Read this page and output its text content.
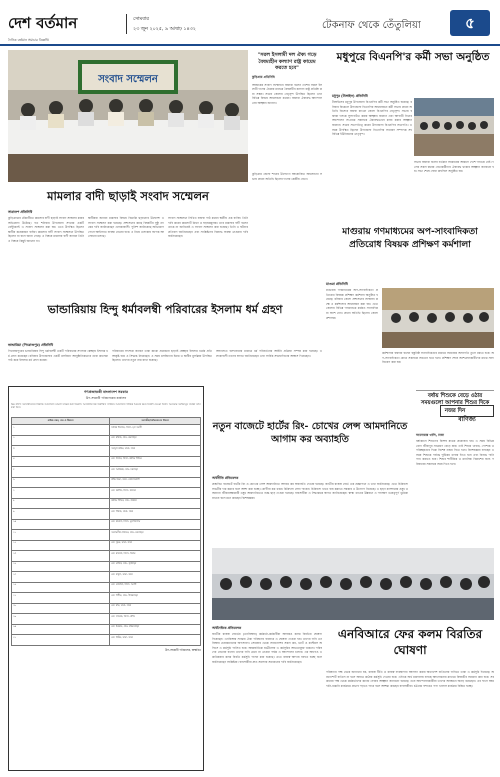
দেশ বর্তমান
দৈনিক বর্তমান সমাচার বিজ্ঞপ্তি
সোমবার
২৩ জুন ২০২৫, ৯ আষাঢ় ১৪৩২	টেকনাফ থেকে তেঁতুলিয়া	৫
সংবাদ সম্মেলন
"সরল ইসলামী দল ঐক্য গড়ে বৈষম্যহীন কল্যাণ রাষ্ট্র কায়েম করতে হবে"
কুড়িগ্রাম প্রতিনিধি
আজকের সংবাদ সম্মেলনে বক্তারা বলেন দেশের সকল ইসলামী দলের ঐক্যের মাধ্যমে বৈষম্যহীন কল্যাণ রাষ্ট্র প্রতিষ্ঠা করা সম্ভব। সভায় জেলার নেতৃবৃন্দ উপস্থিত ছিলেন এবং বিভিন্ন বিষয়ে আলোচনা করেন। বক্তারা ঐক্যবদ্ধ আন্দোলনের আহ্বান জানান।
মধুপুরে বিএনপি'র কর্মী সভা অনুষ্ঠিত
মধুপুর (টাঙ্গাইল) প্রতিনিধি
টাঙ্গাইলের মধুপুর উপজেলা বিএনপির কর্মী সভা অনুষ্ঠিত হয়েছে। রবিবার বিকেলে উপজেলা বিএনপির আয়োজনে কর্মী সভায় প্রধান অতিথি হিসেবে বক্তব্য রাখেন জেলা বিএনপির নেতৃবৃন্দ। সভায় বক্তারা দলকে সুসংগঠিত করার আহ্বান জানান এবং আগামী দিনের আন্দোলন সংগ্রামে সকলকে ঐক্যবদ্ধভাবে কাজ করার আহ্বান জানান। সভায় সভাপতিত্ব করেন উপজেলা বিএনপির সভাপতি। এ সময় উপস্থিত ছিলেন উপজেলা বিএনপির সাধারণ সম্পাদক সহ বিভিন্ন ইউনিয়নের নেতৃবৃন্দ।
সভায় বক্তারা বলেন বর্তমান সরকারের আমলে দেশে গণতন্ত্র নেই। দলের সকল স্তরের নেতাকর্মীদের ঐক্যবদ্ধ থাকার আহ্বান জানানো হয়। সভা শেষে দোয়া মাহফিল অনুষ্ঠিত হয়।
মামলার বাদী ছাড়াই সংবাদ সম্মেলন
সারাদেশ প্রতিনিধি
কুড়িগ্রামের রৌমারীতে মামলার বাদী ছাড়াই সংবাদ সম্মেলন করার অভিযোগ উঠেছে। গত শনিবার উপজেলা সদরের একটি রেস্টুরেন্টে এ সংবাদ সম্মেলন করা হয়। এতে উপস্থিত ছিলেন স্থানীয় কয়েকজন ব্যক্তি। মামলার বাদী সংবাদ সম্মেলনে উপস্থিত ছিলেন না বলে জানা গেছে। এ বিষয়ে মামলার বাদী জানান তিনি এ বিষয়ে কিছুই জানেন না।
স্থানীয়রা জানান মামলার বিষয়ে বিভ্রান্তি ছড়ানোর উদ্দেশ্যে এ সংবাদ সম্মেলন করা হয়েছে। প্রশাসনের কাছে বিষয়টির সুষ্ঠু তদন্তের দাবি জানিয়েছেন এলাকাবাসী। পুলিশ জানিয়েছে অভিযোগ পেলে আইনগত ব্যবস্থা নেওয়া হবে। এ নিয়ে এলাকায় ব্যাপক আলোচনা চলছে।
সংবাদ সম্মেলনে লিখিত বক্তব্য পাঠ করেন স্থানীয় এক ব্যক্তি। তিনি দাবি করেন মামলাটি মিথ্যা ও ষড়যন্ত্রমূলক। তবে মামলার বাদী বলেন তাকে না জানিয়েই এ সংবাদ সম্মেলন করা হয়েছে। তিনি এ ঘটনার প্রতিবাদ জানিয়েছেন এবং সংশ্লিষ্টদের বিরুদ্ধে ব্যবস্থা নেওয়ার দাবি জানিয়েছেন।
কুড়িগ্রাম জেলা শাখার উদ্যোগে আয়োজিত আলোচনা সভায় প্রধান অতিথি ছিলেন দলের কেন্দ্রীয় নেতা।
ভান্ডারিয়ায় হিন্দু ধর্মাবলম্বী পরিবারের ইসলাম ধর্ম গ্রহণ
ভান্ডারিয়া (পিরোজপুর) প্রতিনিধি
পিরোজপুরের ভান্ডারিয়ায় হিন্দু ধর্মাবলম্বী একটি পরিবারের সদস্যরা স্বেচ্ছায় ইসলাম ধর্ম গ্রহণ করেছেন। রবিবার উপজেলার একটি মসজিদে আনুষ্ঠানিকভাবে তারা কালেমা পাঠ করে ইসলাম ধর্ম গ্রহণ করেন।
পরিবারের সদস্যরা জানান তারা কারো প্ররোচনা ছাড়াই স্বেচ্ছায় ইসলাম ধর্মের প্রতি আকৃষ্ট হয়ে এ সিদ্ধান্ত নিয়েছেন। এ সময় মসজিদের ইমাম ও স্থানীয় মুসল্লিরা উপস্থিত ছিলেন। তাদের নতুন নাম রাখা হয়েছে।
আদালতে হলফনামার মাধ্যমে ধর্ম পরিবর্তনের আইনি প্রক্রিয়া সম্পন্ন করা হয়েছে। এলাকাবাসী তাদের স্বাগত জানিয়েছেন এবং সার্বিক সহযোগিতার আশ্বাস দিয়েছেন।
মাগুরায় গণমাধ্যমের অপ-সাংবাদিকতা প্রতিরোধ বিষয়ক প্রশিক্ষণ কর্মশালা
মাগুরা প্রতিনিধি
মাগুরায় গণমাধ্যমের অপ-সাংবাদিকতা প্রতিরোধ বিষয়ক প্রশিক্ষণ কর্মশালা অনুষ্ঠিত হয়েছে। রবিবার জেলা প্রশাসনের সম্মেলন কক্ষে এ কর্মশালার আয়োজন করা হয়। এতে জেলার বিভিন্ন গণমাধ্যমে কর্মরত সাংবাদিকরা অংশ নেন। প্রধান অতিথি ছিলেন জেলা প্রশাসক।
কর্মশালায় বক্তারা বলেন বস্তুনিষ্ঠ সাংবাদিকতার মাধ্যমে সমাজের অসংগতি তুলে ধরতে হবে। অপ-সাংবাদিকতা রোধে সকলকে সচেতন হতে হবে। প্রশিক্ষণ শেষে অংশগ্রহণকারীদের মাঝে সনদ বিতরণ করা হয়।
বর্ষায় শিশুকে বেড়ে ওঠার সময়গুলো আপনার শিশুর দিকে নজর দিন
আনোয়ার খালি, ঢাকা
বর্ষাকালে শিশুদের বিশেষ যত্নের প্রয়োজন হয়। এ সময় বিভিন্ন রোগ জীবাণুর সংক্রমণ বেড়ে যায়। তাই শিশুর খাবার, পোশাক ও পরিচ্ছন্নতার দিকে বিশেষ নজর দিতে হবে। বিশেষজ্ঞরা বলছেন এ সময় শিশুকে পর্যাপ্ত পুষ্টিকর খাবার দিতে হবে এবং বিশুদ্ধ পানি পান করাতে হবে। শিশুর শারীরিক ও মানসিক বিকাশের জন্য পরিবারের সকলকে সময় দিতে হবে।
গণপ্রজাতন্ত্রী বাংলাদেশ সরকার
উপ-সহকারী পরিচালকের কার্যালয়
নিম্ন বর্ণিত আসামীগণের বিরুদ্ধে আদালতে মামলা দায়ের করা হয়েছে। আসামীগণকে নির্ধারিত তারিখে আদালতে হাজির হওয়ার জন্য নির্দেশ দেওয়া হলো। অন্যথায় আইনানুগ ব্যবস্থা গ্রহণ করা হবে।
ক্রমিক নম্বর, নাম ও ঠিকানা	আসামীর/অভিযোগের বিবরণ
১	সাকিব ইসলাম, পিতা- মৃত আলী
২	মো: রফিক, গ্রাম- নয়াপাড়া
৩	আব্দুল করিম, থানা- সদর
৪	মো: হাসান, পিতা- জসিম উদ্দিন
৫	মো: আজিজ, গ্রাম- চরপাড়া
৬	রহিম মিয়া, থানা- কোতোয়ালী
৭	মো: জাহিদ, পিতা- কাদের
৮	জসিম উদ্দিন, গ্রাম- বাজার
৯	মো: শফিক, থানা- সদর
১০	মো: কামাল, পিতা- নুর ইসলাম
১১	আলমগীর হোসেন, গ্রাম- মধ্যপাড়া
১২	মো: সুমন, থানা- সদর
১৩	মো: রাসেল, পিতা- হারুন
১৪	মো: নাসির, গ্রাম- পূর্বপাড়া
১৫	মো: বাবুল, থানা- সদর
১৬	মো: সোহেল, পিতা- আলী
১৭	মো: শাহীন, গ্রাম- উত্তরপাড়া
১৮	মো: রনি, থানা- সদর
১৯	মো: তারেক, পিতা- রশিদ
২০	মো: মিজান, গ্রাম- দক্ষিণপাড়া
২১	মো: লিটন, থানা- সদর
উপ-সহকারী পরিচালক, স্বাক্ষরিত
নতুন বাজেটে হার্টের রিং- চোখের লেন্স আমদানিতে আগাম কর অব্যাহতি
অর্থনীতি প্রতিবেদক
প্রস্তাবিত বাজেটে হার্টের রিং ও চোখের লেন্স আমদানিতে আগাম কর অব্যাহতি দেওয়া হয়েছে। জাতীয় রাজস্ব বোর্ড এক প্রজ্ঞাপনে এ তথ্য জানিয়েছে। এতে চিকিৎসা সামগ্রীর দাম কমবে বলে আশা করা হচ্ছে। রোগীরা কম খরচে চিকিৎসা সেবা পাবেন। চিকিৎসা খাতে ব্যয় কমাতে সরকার এ উদ্যোগ নিয়েছে। এ ছাড়া ক্যান্সারের ওষুধ ও অন্যান্য জীবনরক্ষাকারী ওষুধ আমদানিতেও শুল্ক ছাড় দেওয়া হয়েছে। ব্যবসায়ীরা এ সিদ্ধান্তকে স্বাগত জানিয়েছেন। স্বাস্থ্য খাতের উন্নয়নে এ পদক্ষেপ গুরুত্বপূর্ণ ভূমিকা রাখবে বলে মনে করছেন বিশেষজ্ঞরা।
বাণিজ্য
এনবিআরে ফের কলম বিরতির ঘোষণা
অর্থনৈতিক প্রতিবেদক
জাতীয় রাজস্ব বোর্ডের (এনবিআর) কর্মকর্তা-কর্মচারীরা আবারও কলম বিরতির ঘোষণা দিয়েছেন। এনবিআর সংস্কার ঐক্য পরিষদের ব্যানারে এ ঘোষণা দেওয়া হয়। তাদের দাবি এনবিআর চেয়ারম্যানের অপসারণ। সোমবার থেকে সারাদেশের সকল কর, ভ্যাট ও কাস্টমস অফিসে এ কর্মসূচি পালিত হবে। আন্তর্জাতিক যাত্রীসেবা এ কর্মসূচির আওতামুক্ত থাকবে। পরিষদের নেতারা বলেন তাদের দাবি মেনে না নেওয়া পর্যন্ত এ আন্দোলন চলবে। এর আগেও একাধিকবার কলম বিরতি কর্মসূচি পালন করা হয়েছে। এতে রাজস্ব আদায় ব্যাহত হচ্ছে বলে জানিয়েছেন সংশ্লিষ্টরা। ব্যবসায়ীরা দ্রুত সমস্যার সমাধানের দাবি জানিয়েছেন।
পরিষদের পক্ষ থেকে জানানো হয়, রাজস্ব নীতি ও রাজস্ব ব্যবস্থাপনা আলাদা করার অধ্যাদেশ বাতিলের দাবিতে তারা এ কর্মসূচি দিয়েছে। অধ্যাদেশটি বাতিল না হলে আরও কঠোর কর্মসূচি দেওয়া হবে। এদিকে অর্থ মন্ত্রণালয় বলছে আলোচনার মাধ্যমে বিষয়টির সমাধান করা হবে। সরকারের পক্ষ থেকে কর্মকর্তাদের কাজে ফেরার আহ্বান জানানো হয়েছে। তবে আন্দোলনকারীরা তাদের অবস্থানে অনড় রয়েছেন। এর ফলে আমদানি-রপ্তানি কার্যক্রমে প্রভাব পড়তে পারে বলে আশঙ্কা করছেন ব্যবসায়ীরা। চট্টগ্রাম বন্দরেও পণ্য খালাস কার্যক্রম বিঘ্নিত হচ্ছে।
